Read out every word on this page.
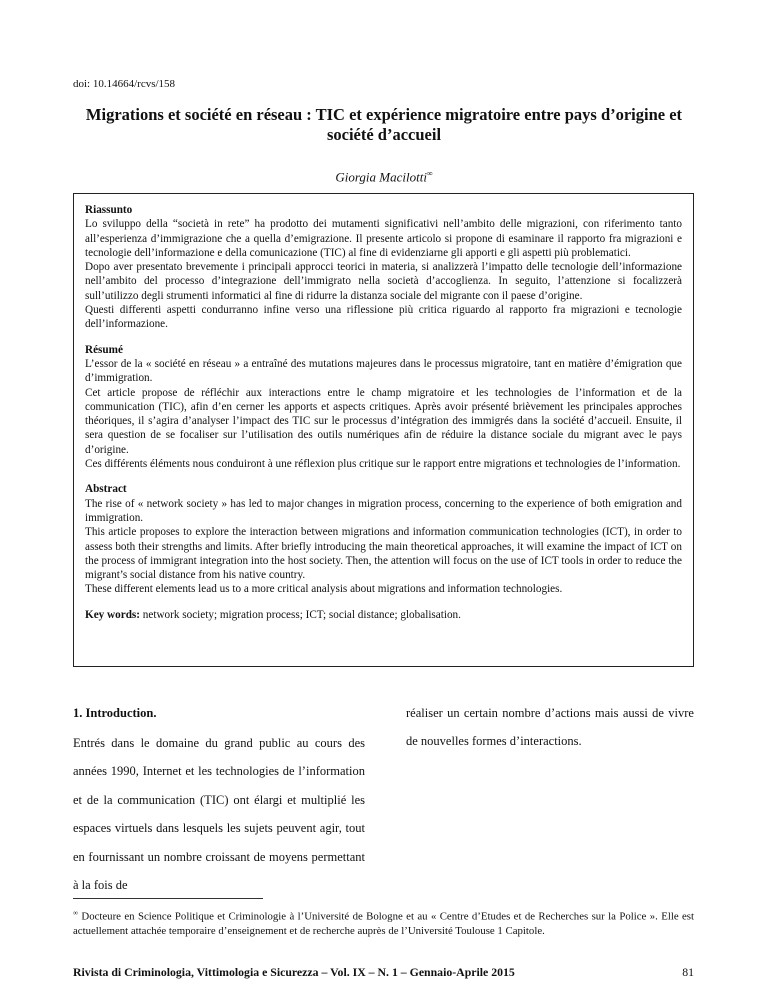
doi: 10.14664/rcvs/158
Migrations et société en réseau : TIC et expérience migratoire entre pays d’origine et société d’accueil
Giorgia Macilotti∞
Riassunto
Lo sviluppo della “società in rete” ha prodotto dei mutamenti significativi nell’ambito delle migrazioni, con riferimento tanto all’esperienza d’immigrazione che a quella d’emigrazione. Il presente articolo si propone di esaminare il rapporto fra migrazioni e tecnologie dell’informazione e della comunicazione (TIC) al fine di evidenziarne gli apporti e gli aspetti più problematici.
Dopo aver presentato brevemente i principali approcci teorici in materia, si analizzerà l’impatto delle tecnologie dell’informazione nell’ambito del processo d’integrazione dell’immigrato nella società d’accoglienza. In seguito, l’attenzione si focalizzerà sull’utilizzo degli strumenti informatici al fine di ridurre la distanza sociale del migrante con il paese d’origine.
Questi differenti aspetti condurranno infine verso una riflessione più critica riguardo al rapporto fra migrazioni e tecnologie dell’informazione.
Résumé
L’essor de la « société en réseau » a entraîné des mutations majeures dans le processus migratoire, tant en matière d’émigration que d’immigration.
Cet article propose de réfléchir aux interactions entre le champ migratoire et les technologies de l’information et de la communication (TIC), afin d’en cerner les apports et aspects critiques. Après avoir présenté brièvement les principales approches théoriques, il s’agira d’analyser l’impact des TIC sur le processus d’intégration des immigrés dans la société d’accueil. Ensuite, il sera question de se focaliser sur l’utilisation des outils numériques afin de réduire la distance sociale du migrant avec le pays d’origine.
Ces différents éléments nous conduiront à une réflexion plus critique sur le rapport entre migrations et technologies de l’information.
Abstract
The rise of « network society » has led to major changes in migration process, concerning to the experience of both emigration and immigration.
This article proposes to explore the interaction between migrations and information communication technologies (ICT), in order to assess both their strengths and limits. After briefly introducing the main theoretical approaches, it will examine the impact of ICT on the process of immigrant integration into the host society. Then, the attention will focus on the use of ICT tools in order to reduce the migrant’s social distance from his native country.
These different elements lead us to a more critical analysis about migrations and information technologies.
Key words: network society; migration process; ICT; social distance; globalisation.
1. Introduction.

Entrés dans le domaine du grand public au cours des années 1990, Internet et les technologies de l’information et de la communication (TIC) ont élargi et multiplié les espaces virtuels dans lesquels les sujets peuvent agir, tout en fournissant un nombre croissant de moyens permettant à la fois de

réaliser un certain nombre d’actions mais aussi de vivre de nouvelles formes d’interactions.

∞ Docteure en Science Politique et Criminologie à l’Université de Bologne et au « Centre d’Etudes et de Recherches sur la Police ». Elle est actuellement attachée temporaire d’enseignement et de recherche auprès de l’Université Toulouse 1 Capitole.
Rivista di Criminologia, Vittimologia e Sicurezza – Vol. IX – N. 1 – Gennaio-Aprile 2015	81
